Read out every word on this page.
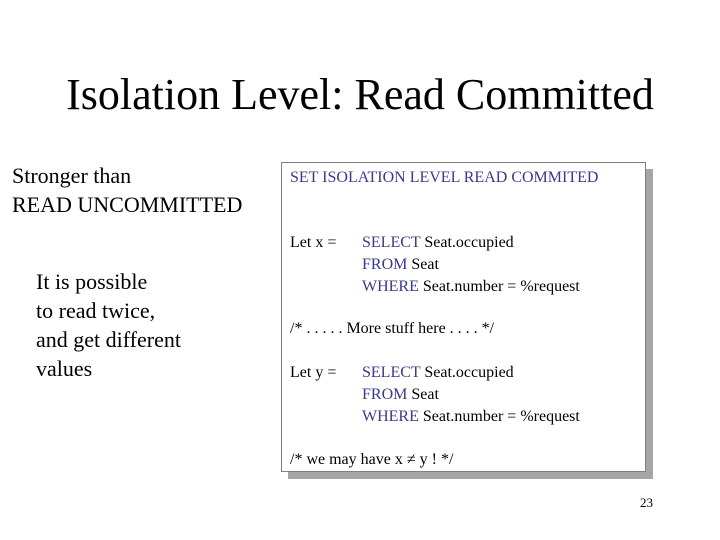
Isolation Level: Read Committed
Stronger than
READ UNCOMMITTED
It is possible
to read twice,
and get different
values
SET ISOLATION LEVEL READ COMMITED
Let x = SELECT Seat.occupied
FROM Seat
WHERE Seat.number = %request
/* . . . . . More stuff here . . . . */
Let y = SELECT Seat.occupied
FROM Seat
WHERE Seat.number = %request
/* we may have x ≠ y ! */
23
